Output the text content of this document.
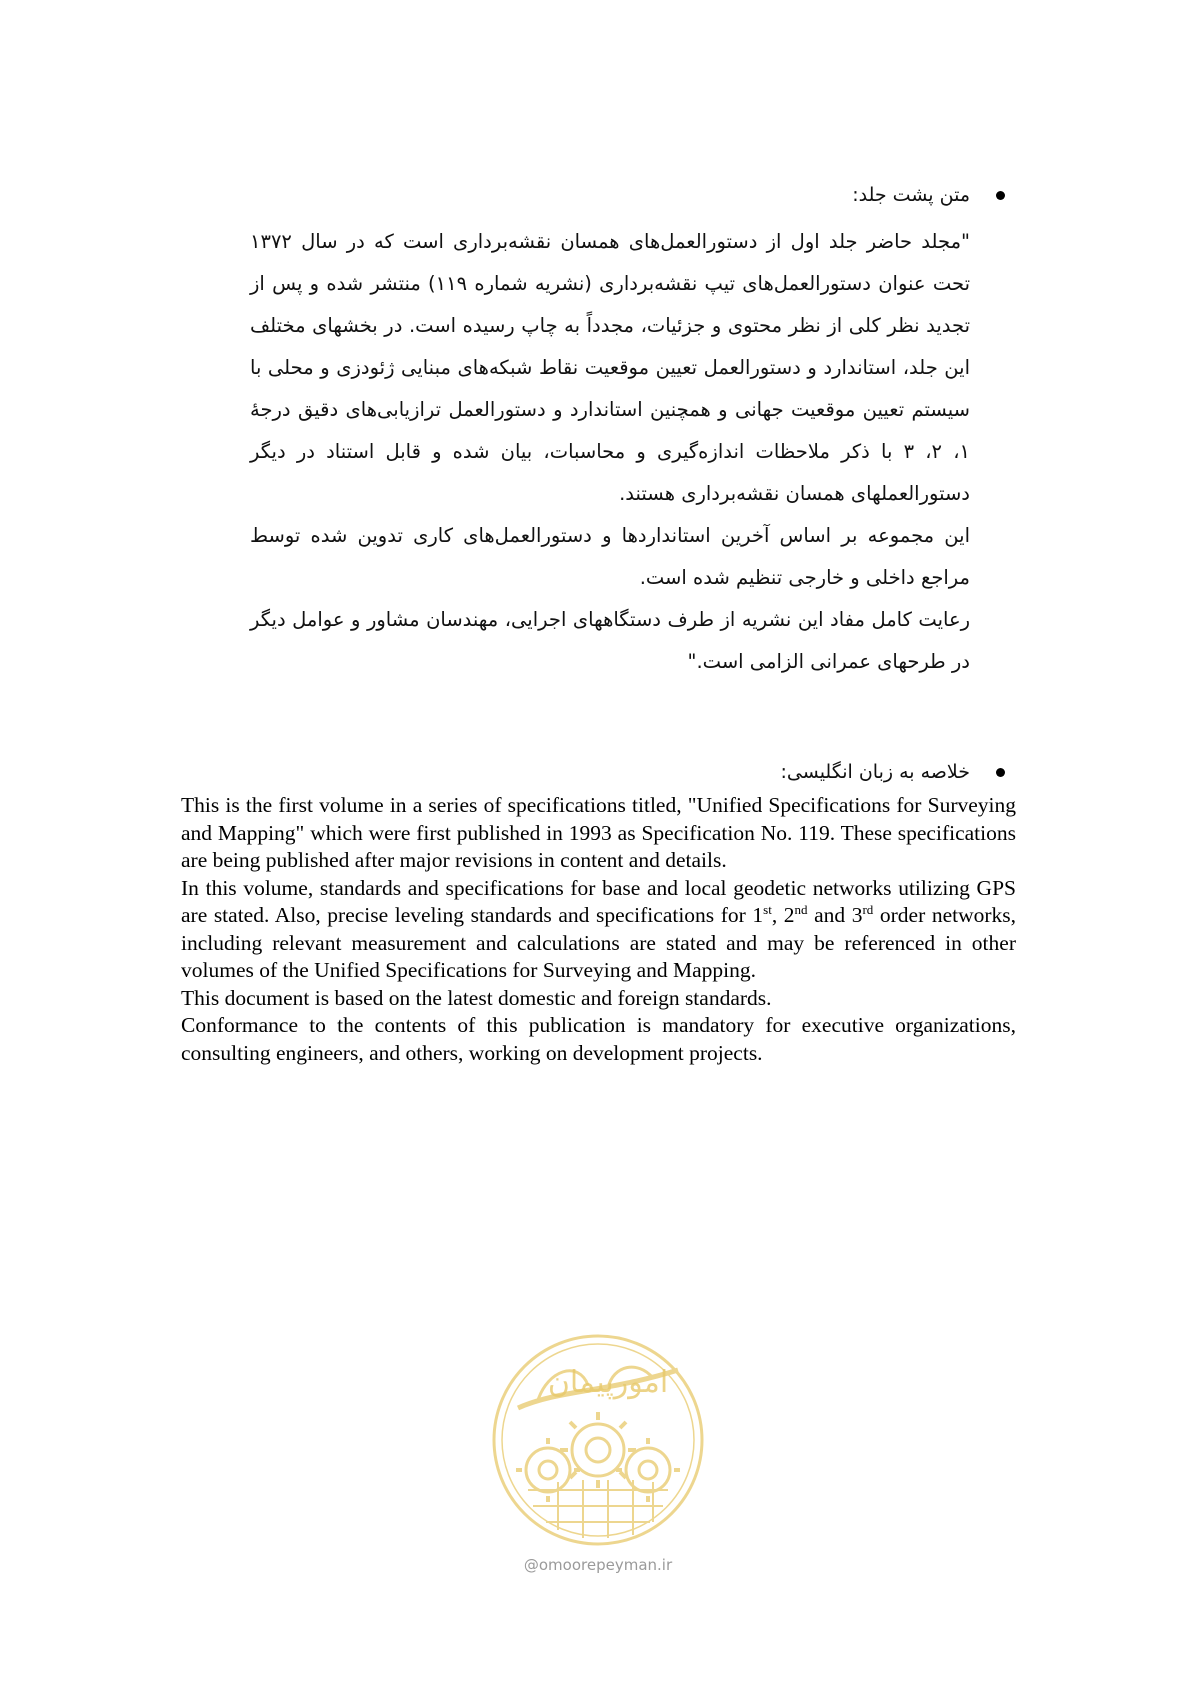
متن پشت جلد:

"مجلد حاضر جلد اول از دستورالعمل‌های همسان نقشه‌برداری است که در سال ۱۳۷۲ تحت عنوان دستورالعمل‌های تیپ نقشه‌برداری (نشریه شماره ۱۱۹) منتشر شده و پس از تجدید نظر کلی از نظر محتوی و جزئیات، مجدداً به چاپ رسیده است. در بخشهای مختلف این جلد، استاندارد و دستورالعمل تعیین موقعیت نقاط شبکه‌های مبنایی ژئودزی و محلی با سیستم تعیین موقعیت جهانی و همچنین استاندارد و دستورالعمل ترازیابی‌های دقیق درجهٔ ۱، ۲، ۳ با ذکر ملاحظات اندازه‌گیری و محاسبات، بیان شده و قابل استناد در دیگر دستورالعملهای همسان نقشه‌برداری هستند.

این مجموعه بر اساس آخرین استانداردها و دستورالعمل‌های کاری تدوین شده توسط مراجع داخلی و خارجی تنظیم شده است.

رعایت کامل مفاد این نشریه از طرف دستگاههای اجرایی، مهندسان مشاور و عوامل دیگر در طرحهای عمرانی الزامی است."

خلاصه به زبان انگلیسی:

This is the first volume in a series of specifications titled, "Unified Specifications for Surveying and Mapping" which were first published in 1993 as Specification No. 119. These specifications are being published after major revisions in content and details.

In this volume, standards and specifications for base and local geodetic networks utilizing GPS are stated. Also, precise leveling standards and specifications for 1st, 2nd and 3rd order networks, including relevant measurement and calculations are stated and may be referenced in other volumes of the Unified Specifications for Surveying and Mapping.

This document is based on the latest domestic and foreign standards.

Conformance to the contents of this publication is mandatory for executive organizations, consulting engineers, and others, working on development projects.

امورپیمان
@omoorepeyman.ir
